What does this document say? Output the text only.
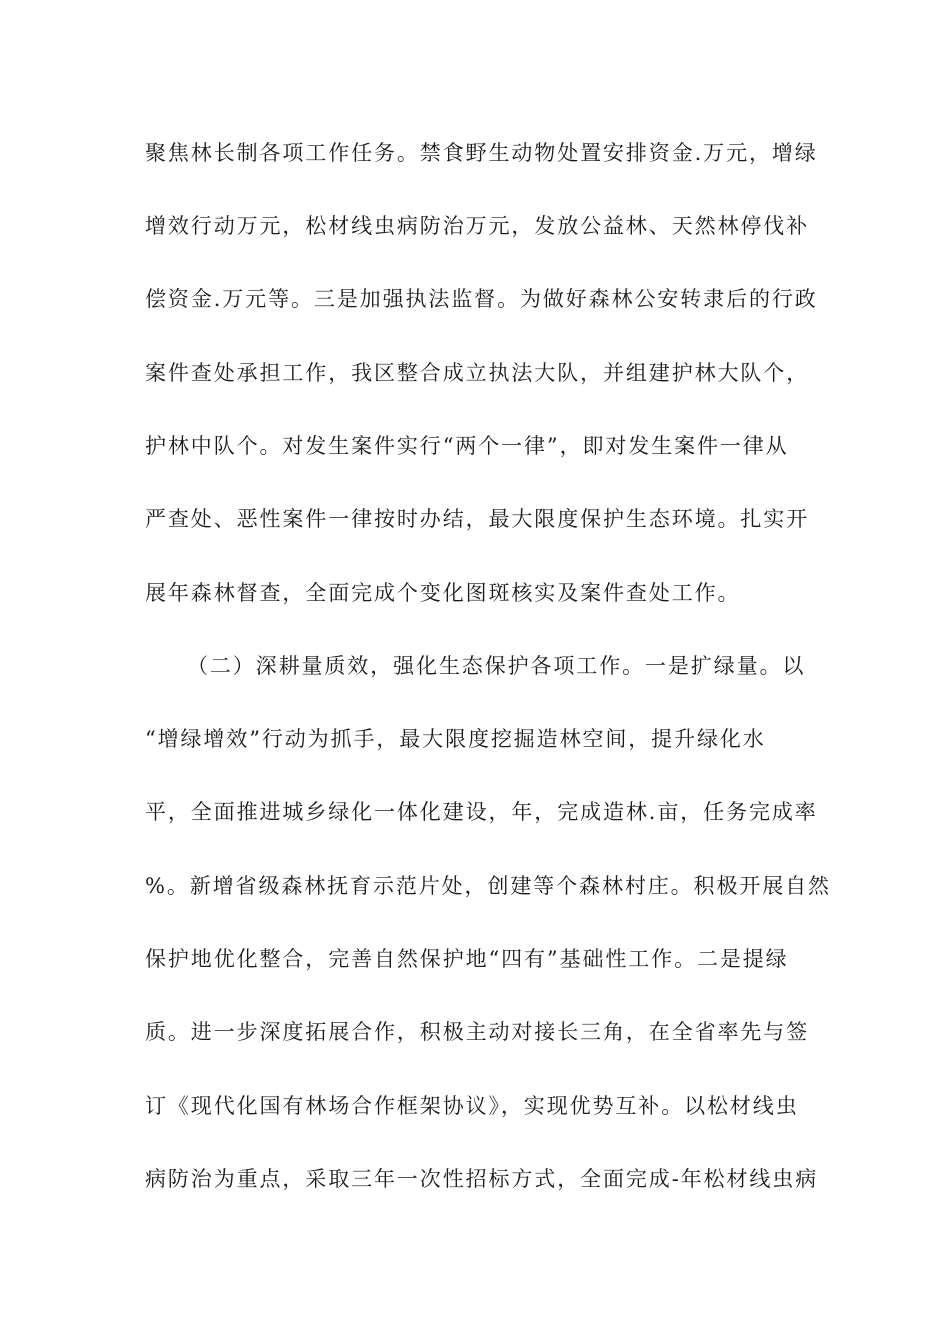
聚焦林长制各项工作任务。禁食野生动物处置安排资金.万元，增绿
增效行动万元，松材线虫病防治万元，发放公益林、天然林停伐补
偿资金.万元等。三是加强执法监督。为做好森林公安转隶后的行政
案件查处承担工作，我区整合成立执法大队，并组建护林大队个，
护林中队个。对发生案件实行“两个一律”，即对发生案件一律从
严查处、恶性案件一律按时办结，最大限度保护生态环境。扎实开
展年森林督查，全面完成个变化图斑核实及案件查处工作。
（二）深耕量质效，强化生态保护各项工作。一是扩绿量。以
“增绿增效”行动为抓手，最大限度挖掘造林空间，提升绿化水
平，全面推进城乡绿化一体化建设，年，完成造林.亩，任务完成率
%。新增省级森林抚育示范片处，创建等个森林村庄。积极开展自然
保护地优化整合，完善自然保护地“四有”基础性工作。二是提绿
质。进一步深度拓展合作，积极主动对接长三角，在全省率先与签
订《现代化国有林场合作框架协议》，实现优势互补。以松材线虫
病防治为重点，采取三年一次性招标方式，全面完成-年松材线虫病
